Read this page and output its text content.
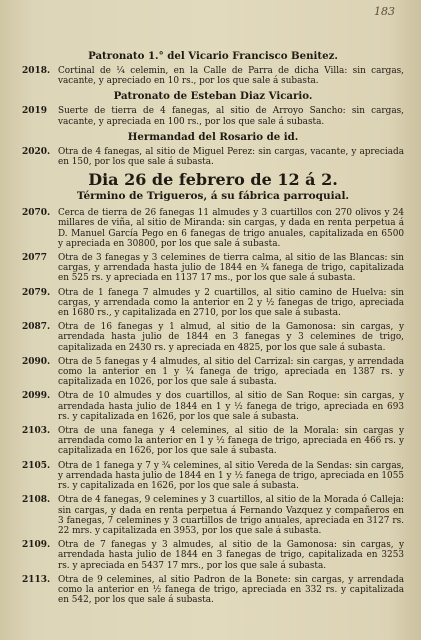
183
Patronato 1.° del Vicario Francisco Benitez.
2018. Cortinal de ¼ celemin, en la Calle de Parra de dicha Villa: sin cargas, vacante, y apreciado en 10 rs., por los que sale á subasta.
Patronato de Esteban Diaz Vicario.
2019 Suerte de tierra de 4 fanegas, al sitio de Arroyo Sancho: sin cargas, vacante, y apreciada en 100 rs., por los que sale á subasta.
Hermandad del Rosario de id.
2020. Otra de 4 fanegas, al sitio de Miguel Perez: sin cargas, vacante, y apreciada en 150, por los que sale á subasta.
Dia 26 de febrero de 12 á 2.
Término de Trigueros, á su fábrica parroquial.
2070. Cerca de tierra de 26 fanegas 11 almudes y 3 cuartillos con 270 olivos y 24 millares de viña, al sitio de Miranda: sin cargas, y dada en renta perpetua á D. Manuel García Pego en 6 fanegas de trigo anuales, capitalizada en 6500 y apreciada en 30800, por los que sale á subasta.
2077 Otra de 3 fanegas y 3 celemines de tierra calma, al sitio de las Blancas: sin cargas, y arrendada hasta julio de 1844 en ¾ fanega de trigo, capitalizada en 525 rs. y apreciada en 1137 17 ms., por los que sale á subasta.
2079. Otra de 1 fanega 7 almudes y 2 cuartillos, al sitio camino de Huelva: sin cargas, y arrendada como la anterior en 2 y ½ fanegas de trigo, apreciada en 1680 rs., y capitalizada en 2710, por los que sale á subasta.
2087. Otra de 16 fanegas y 1 almud, al sitio de la Gamonosa: sin cargas, y arrendada hasta julio de 1844 en 3 fanegas y 3 celemines de trigo, capitalizada en 2430 rs. y apreciada en 4825, por los que sale á subasta.
2090. Otra de 5 fanegas y 4 almudes, al sitio del Carrizal: sin cargas, y arrendada como la anterior en 1 y ¼ fanega de trigo, apreciada en 1387 rs. y capitalizada en 1026, por los que sale á subasta.
2099. Otra de 10 almudes y dos cuartillos, al sitio de San Roque: sin cargas, y arrendada hasta julio de 1844 en 1 y ½ fanega de trigo, apreciada en 693 rs. y capitalizada en 1626, por los que sale á subasta.
2103. Otra de una fanega y 4 celemines, al sitio de la Morala: sin cargas y arrendada como la anterior en 1 y ½ fanega de trigo, apreciada en 466 rs. y capitalizada en 1626, por los que sale á subasta.
2105. Otra de 1 fanega y 7 y ¾ celemines, al sitio Vereda de la Sendas: sin cargas, y arrendada hasta julio de 1844 en 1 y ½ fanega de trigo, apreciada en 1055 rs. y capitalizada en 1626, por los que sale á subasta.
2108. Otra de 4 fanegas, 9 celemines y 3 cuartillos, al sitio de la Morada ó Calleja: sin cargas, y dada en renta perpetua á Fernando Vazquez y compañeros en 3 fanegas, 7 celemines y 3 cuartillos de trigo anuales, apreciada en 3127 rs. 22 mrs. y capitalizada en 3953, por los que sale á subasta.
2109. Otra de 7 fanegas y 3 almudes, al sitio de la Gamonosa: sin cargas, y arrendada hasta julio de 1844 en 3 fanegas de trigo, capitalizada en 3253 rs. y apreciada en 5437 17 mrs., por los que sale á subasta.
2113. Otra de 9 celemines, al sitio Padron de la Bonete: sin cargas, y arrendada como la anterior en ½ fanega de trigo, apreciada en 332 rs. y capitalizada en 542, por los que sale á subasta.
